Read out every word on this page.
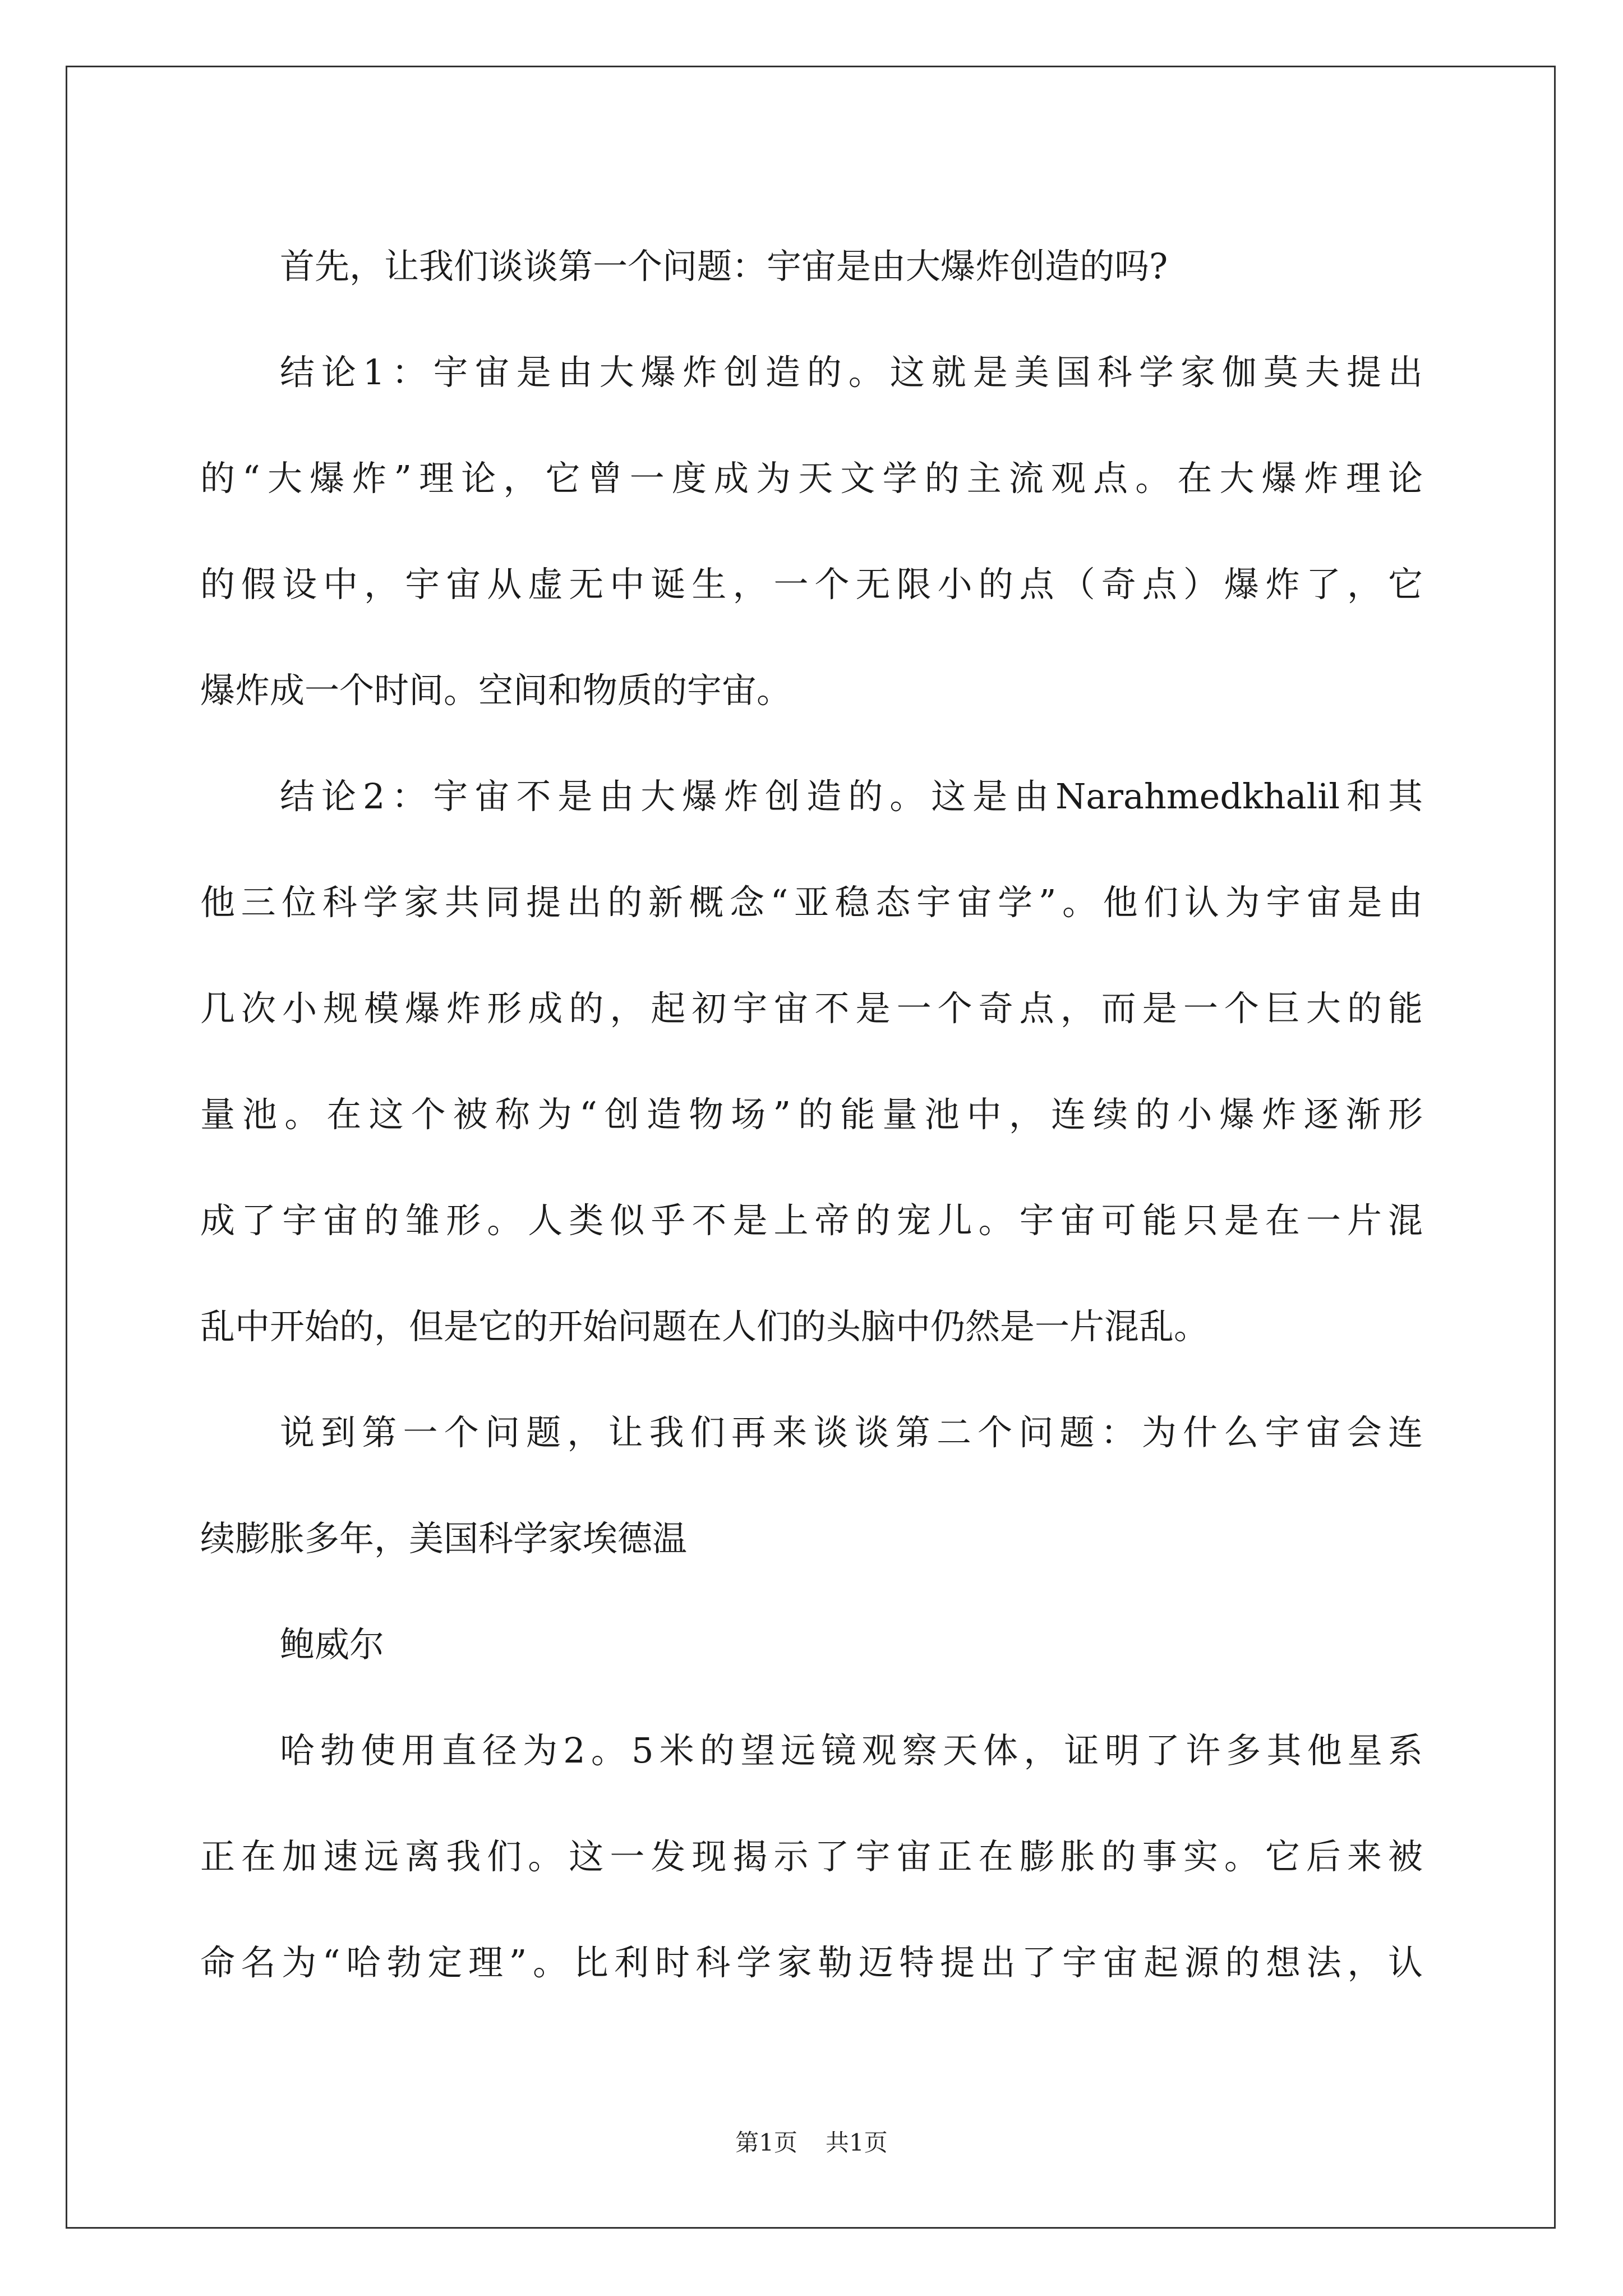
首先，让我们谈谈第一个问题：宇宙是由大爆炸创造的吗?
结论1：宇宙是由大爆炸创造的。这就是美国科学家伽莫夫提出
的“大爆炸”理论，它曾一度成为天文学的主流观点。在大爆炸理论
的假设中，宇宙从虚无中诞生，一个无限小的点（奇点）爆炸了，它
爆炸成一个时间。空间和物质的宇宙。
结论2：宇宙不是由大爆炸创造的。这是由Narahmedkhalil和其
他三位科学家共同提出的新概念“亚稳态宇宙学”。他们认为宇宙是由
几次小规模爆炸形成的，起初宇宙不是一个奇点，而是一个巨大的能
量池。在这个被称为“创造物场”的能量池中，连续的小爆炸逐渐形
成了宇宙的雏形。人类似乎不是上帝的宠儿。宇宙可能只是在一片混
乱中开始的，但是它的开始问题在人们的头脑中仍然是一片混乱。
说到第一个问题，让我们再来谈谈第二个问题：为什么宇宙会连
续膨胀多年，美国科学家埃德温
鲍威尔
哈勃使用直径为2。5米的望远镜观察天体，证明了许多其他星系
正在加速远离我们。这一发现揭示了宇宙正在膨胀的事实。它后来被
命名为“哈勃定理”。比利时科学家勒迈特提出了宇宙起源的想法，认
第1页 共1页
